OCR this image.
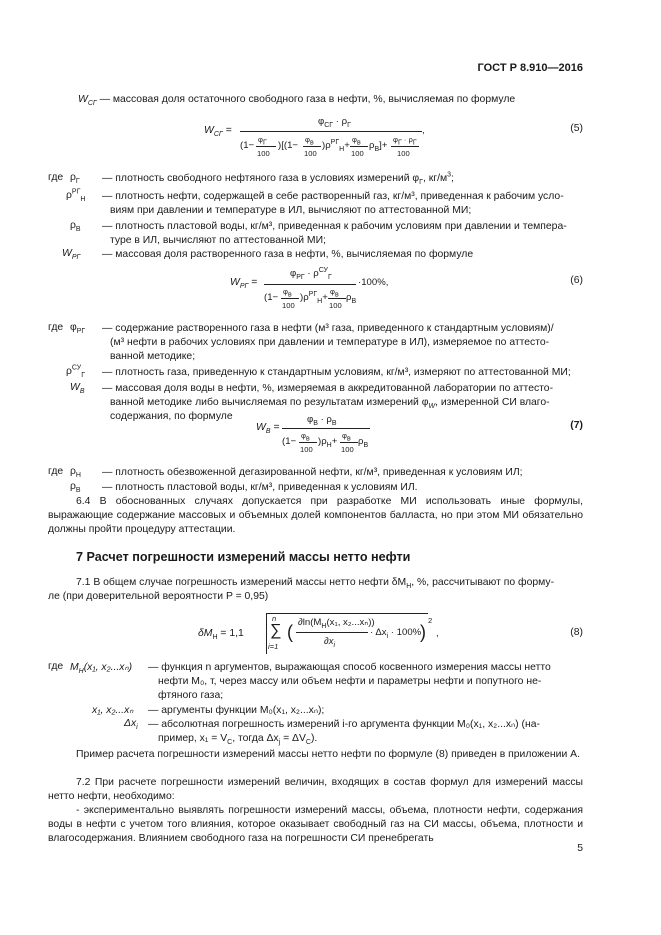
ГОСТ Р 8.910—2016
$W_{СГ}$ — массовая доля остаточного свободного газа в нефти, %, вычисляемая по формуле
$W_{СГ}$ =
$\varphi_{СГ} \cdot \rho_Г$
(1−
$\varphi_Г$
100
)[(1−
$\varphi_в$
100
)$\rho^{РГ}_Н+$
$\varphi_в$
100
$\rho_В]+$
$\varphi_Г \cdot \rho_Г$
100
,	(5)
где $\rho_Г$ — плотность свободного нефтяного газа в условиях измерений $\varphi_Г$, $кг/м^3$;
$\rho^{РГ}_Н$ — плотность нефти, содержащей в себе растворенный газ, кг/м³, приведенная к рабочим усло-
виям при давлении и температуре в ИЛ, вычисляют по аттестованной МИ;
$\rho_В$ — плотность пластовой воды, кг/м³, приведенная к рабочим условиям при давлении и темпера-
туре в ИЛ, вычисляют по аттестованной МИ;
$W_{РГ}$ — массовая доля растворенного газа в нефти, %, вычисляемая по формуле
$W_{РГ}$ =
$\varphi_{РГ} \cdot \rho^{СУ}_Г$
(1−
$\varphi_в$
100
)$\rho^{РГ}_Н+$
$\varphi_в$
100
$\rho_В$
·100%,	(6)
где $\varphi_{РГ}$ — содержание растворенного газа в нефти (м³ газа, приведенного к стандартным условиям)/
(м³ нефти в рабочих условиях при давлении и температуре в ИЛ), измеряемое по аттесто-
ванной методике;
$\rho^{СУ}_Г$ — плотность газа, приведенную к стандартным условиям, кг/м³, измеряют по аттестованной МИ;
$W_В$ — массовая доля воды в нефти, %, измеряемая в аккредитованной лаборатории по аттесто-
ванной методике либо вычисляемая по результатам измерений $\varphi_W$, измеренной СИ влаго-
содержания, по формуле
$W_В$ =
$\varphi_В \cdot \rho_В$
(1−
$\varphi_в$
100
)$\rho_Н+$
$\varphi_в$
100
$\rho_В$
(7)
где $\rho_Н$ — плотность обезвоженной дегазированной нефти, кг/м³, приведенная к условиям ИЛ;
$\rho_В$ — плотность пластовой воды, кг/м³, приведенная к условиям ИЛ.
6.4 В обоснованных случаях допускается при разработке МИ использовать иные формулы, выражающие содержание массовых и объемных долей компонентов балласта, но при этом МИ обязательно должны пройти процедуру аттестации.
7 Расчет погрешности измерений массы нетто нефти
7.1 В общем случае погрешность измерений массы нетто нефти $\delta M_Н$, %, рассчитывают по форму-
ле (при доверительной вероятности P = 0,95)
$\delta M_Н = 1,1$
n
∑
i=1
( $\partial\ln(M_Н(x_1$, x₂...xₙ))
$\partial x_i$
· $\Delta x_i \cdot 100\%$
)
2
,	(8)
где $M_Н(x_1$, x₂...xₙ) — функция n аргументов, выражающая способ косвенного измерения массы нетто
нефти M₀, т, через массу или объем нефти и параметры нефти и попутного не-
фтяного газа;
x₁, x₂...xₙ — аргументы функции M₀(x₁, x₂...xₙ);
$\Delta x_i$ — абсолютная погрешность измерений i-го аргумента функции M₀(x₁, x₂...xₙ) (на-
пример, $x_1 = V_С$, тогда $\Delta x_j = \Delta V_С$).
Пример расчета погрешности измерений массы нетто нефти по формуле (8) приведен в приложении А.
7.2 При расчете погрешности измерений величин, входящих в состав формул для измерений массы нетто нефти, необходимо:
- экспериментально выявлять погрешности измерений массы, объема, плотности нефти, содержания воды в нефти с учетом того влияния, которое оказывает свободный газ на СИ массы, объема, плотности и влагосодержания. Влиянием свободного газа на погрешности СИ пренебрегать
5
